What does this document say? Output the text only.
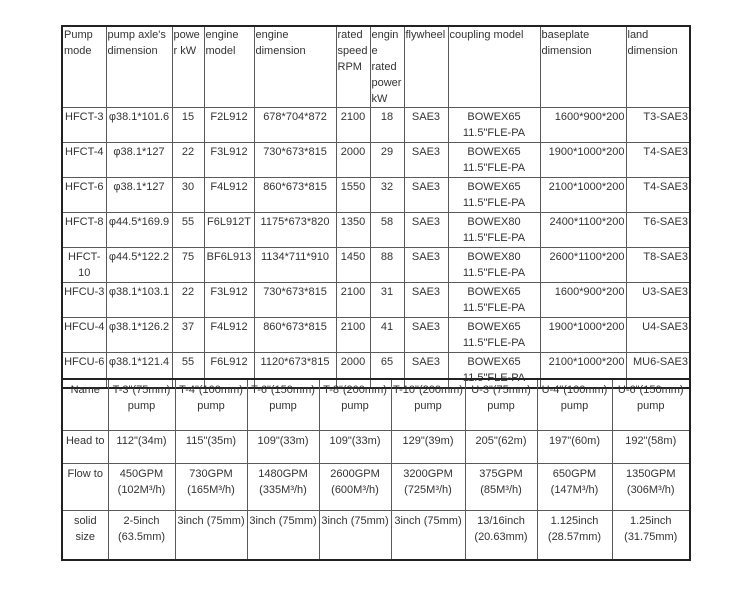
Pump mode	pump axle's dimension	power kW	engine model	engine dimension	rated speed RPM	engine rated power kW	flywheel	coupling model	baseplate dimension	land dimension
HFCT-3	φ38.1*101.6	15	F2L912	678*704*872	2100	18	SAE3	BOWEX65 11.5"FLE-PA	1600*900*200	T3-SAE3
HFCT-4	φ38.1*127	22	F3L912	730*673*815	2000	29	SAE3	BOWEX65 11.5"FLE-PA	1900*1000*200	T4-SAE3
HFCT-6	φ38.1*127	30	F4L912	860*673*815	1550	32	SAE3	BOWEX65 11.5"FLE-PA	2100*1000*200	T4-SAE3
HFCT-8	φ44.5*169.9	55	F6L912T	1175*673*820	1350	58	SAE3	BOWEX80 11.5"FLE-PA	2400*1100*200	T6-SAE3
HFCT-10	φ44.5*122.2	75	BF6L913	1134*711*910	1450	88	SAE3	BOWEX80 11.5"FLE-PA	2600*1100*200	T8-SAE3
HFCU-3	φ38.1*103.1	22	F3L912	730*673*815	2100	31	SAE3	BOWEX65 11.5"FLE-PA	1600*900*200	U3-SAE3
HFCU-4	φ38.1*126.2	37	F4L912	860*673*815	2100	41	SAE3	BOWEX65 11.5"FLE-PA	1900*1000*200	U4-SAE3
HFCU-6	φ38.1*121.4	55	F6L912	1120*673*815	2000	65	SAE3	BOWEX65 11.5"FLE-PA	2100*1000*200	MU6-SAE3
Name	T-3"(75mm) pump	T-4"(100mm) pump	T-6"(150mm) pump	T-8"(200mm) pump	T-10"(200mm) pump	U-3"(75mm) pump	U-4"(100mm) pump	U-6"(150mm) pump
Head to	112"(34m)	115"(35m)	109"(33m)	109"(33m)	129"(39m)	205"(62m)	197"(60m)	192"(58m)
Flow to	450GPM (102M³/h)	730GPM (165M³/h)	1480GPM (335M³/h)	2600GPM (600M³/h)	3200GPM (725M³/h)	375GPM (85M³/h)	650GPM (147M³/h)	1350GPM (306M³/h)
solid size	2-5inch (63.5mm)	3inch (75mm)	3inch (75mm)	3inch (75mm)	3inch (75mm)	13/16inch (20.63mm)	1.125inch (28.57mm)	1.25inch (31.75mm)
